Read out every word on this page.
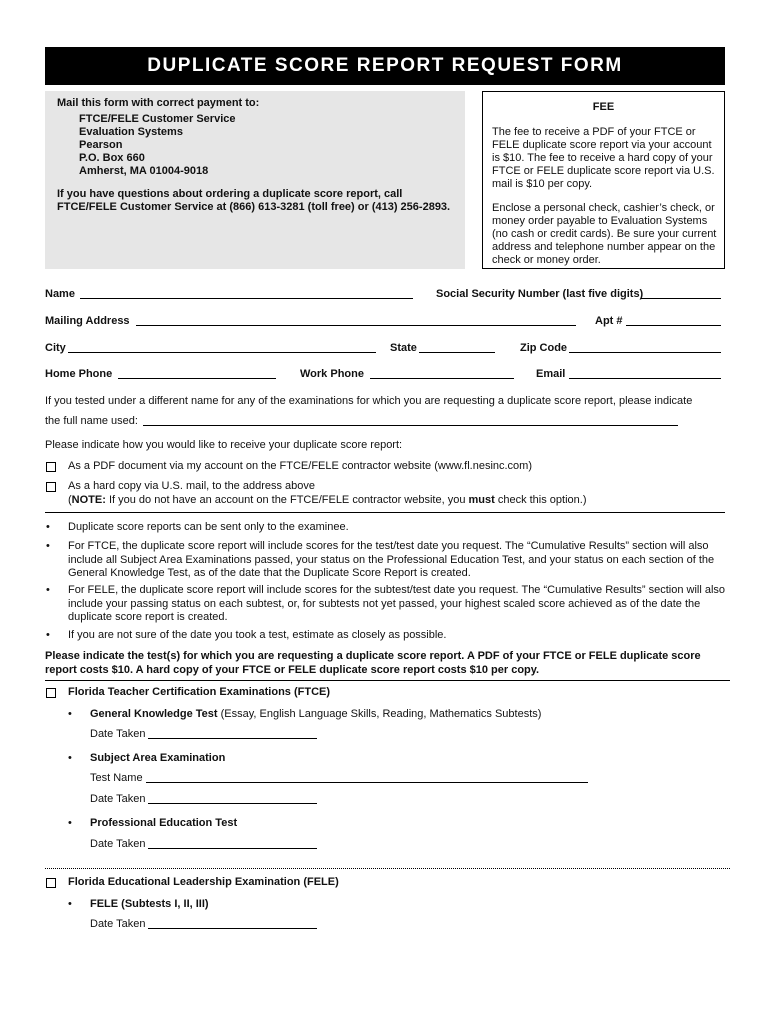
DUPLICATE SCORE REPORT REQUEST FORM
Mail this form with correct payment to:
FTCE/FELE Customer Service
Evaluation Systems
Pearson
P.O. Box 660
Amherst, MA 01004-9018
If you have questions about ordering a duplicate score report, call
FTCE/FELE Customer Service at (866) 613-3281 (toll free) or (413) 256-2893.
FEE
The fee to receive a PDF of your FTCE or FELE duplicate score report via your account is $10. The fee to receive a hard copy of your FTCE or FELE duplicate score report via U.S. mail is $10 per copy.
Enclose a personal check, cashier’s check, or money order payable to Evaluation Systems (no cash or credit cards). Be sure your current address and telephone number appear on the check or money order.
Name	Social Security Number (last five digits)
Mailing Address	Apt #
City	State	Zip Code
Home Phone	Work Phone	Email
If you tested under a different name for any of the examinations for which you are requesting a duplicate score report, please indicate
the full name used:
Please indicate how you would like to receive your duplicate score report:
As a PDF document via my account on the FTCE/FELE contractor website (www.fl.nesinc.com)
As a hard copy via U.S. mail, to the address above
(NOTE: If you do not have an account on the FTCE/FELE contractor website, you must check this option.)
• Duplicate score reports can be sent only to the examinee.
• For FTCE, the duplicate score report will include scores for the test/test date you request. The “Cumulative Results” section will also include all Subject Area Examinations passed, your status on the Professional Education Test, and your status on each section of the General Knowledge Test, as of the date that the Duplicate Score Report is created.
• For FELE, the duplicate score report will include scores for the subtest/test date you request. The “Cumulative Results” section will also include your passing status on each subtest, or, for subtests not yet passed, your highest scaled score achieved as of the date the duplicate score report is created.
• If you are not sure of the date you took a test, estimate as closely as possible.
Please indicate the test(s) for which you are requesting a duplicate score report. A PDF of your FTCE or FELE duplicate score report costs $10. A hard copy of your FTCE or FELE duplicate score report costs $10 per copy.
Florida Teacher Certification Examinations (FTCE)
• General Knowledge Test (Essay, English Language Skills, Reading, Mathematics Subtests)
Date Taken
• Subject Area Examination
Test Name
Date Taken
• Professional Education Test
Date Taken
Florida Educational Leadership Examination (FELE)
• FELE (Subtests I, II, III)
Date Taken
